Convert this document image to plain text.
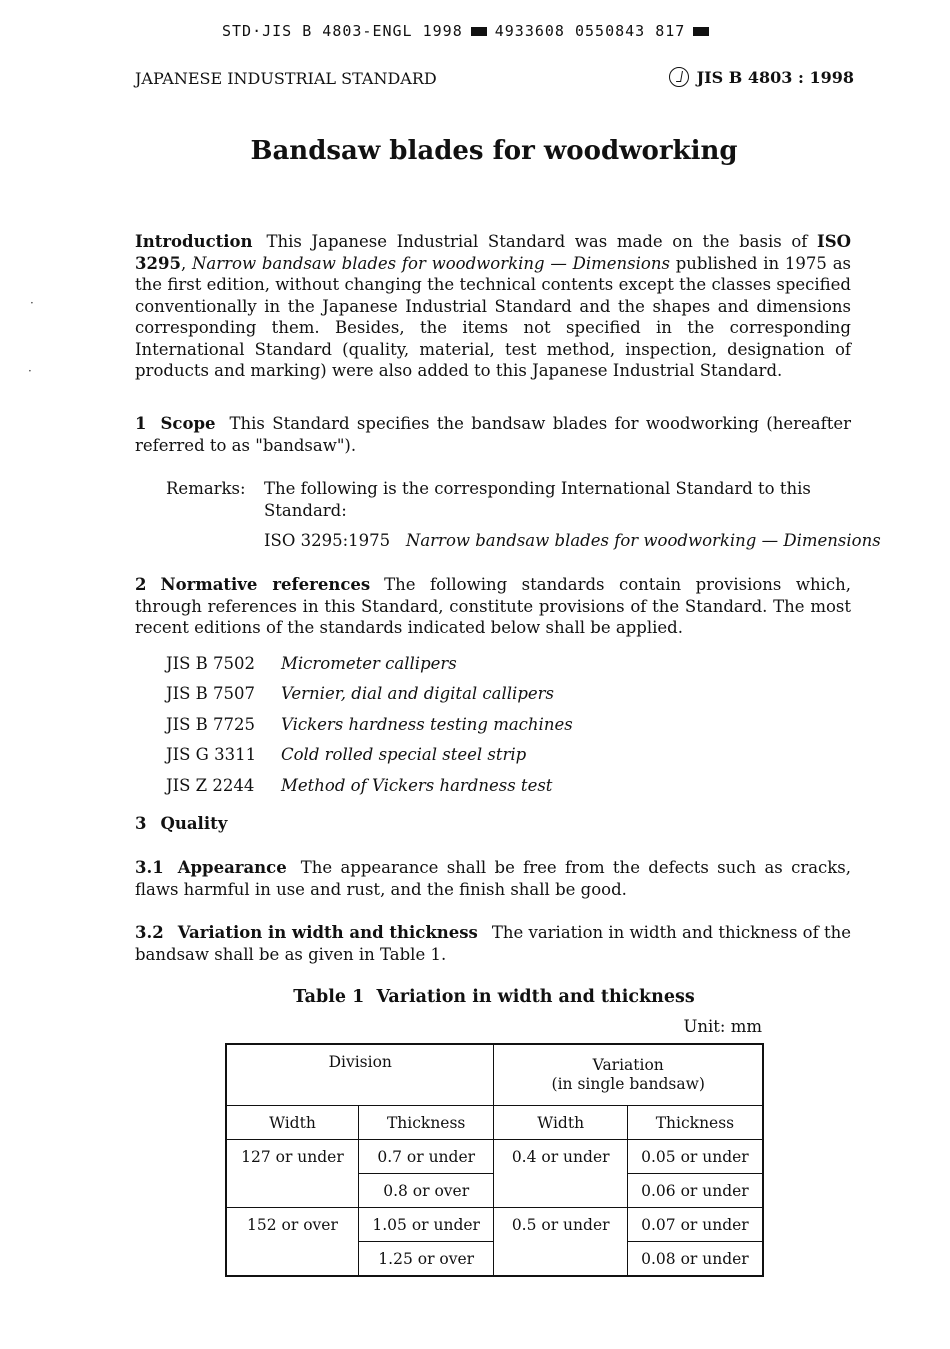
STD·JIS B 4803-ENGL 1998 4933608 0550843 817
JAPANESE INDUSTRIAL STANDARD	JIS B 4803 : 1998
Bandsaw blades for woodworking
Introduction This Japanese Industrial Standard was made on the basis of ISO 3295, Narrow bandsaw blades for woodworking — Dimensions published in 1975 as the first edition, without changing the technical contents except the classes specified conventionally in the Japanese Industrial Standard and the shapes and dimensions corresponding them. Besides, the items not specified in the corresponding International Standard (quality, material, test method, inspection, designation of products and marking) were also added to this Japanese Industrial Standard.
1 Scope This Standard specifies the bandsaw blades for woodworking (hereafter referred to as "bandsaw").
Remarks: The following is the corresponding International Standard to this Standard:
ISO 3295:1975 Narrow bandsaw blades for woodworking — Dimensions
2 Normative references The following standards contain provisions which, through references in this Standard, constitute provisions of the Standard. The most recent editions of the standards indicated below shall be applied.
JIS B 7502	Micrometer callipers
JIS B 7507	Vernier, dial and digital callipers
JIS B 7725	Vickers hardness testing machines
JIS G 3311	Cold rolled special steel strip
JIS Z 2244	Method of Vickers hardness test
3 Quality
3.1 Appearance The appearance shall be free from the defects such as cracks, flaws harmful in use and rust, and the finish shall be good.
3.2 Variation in width and thickness The variation in width and thickness of the bandsaw shall be as given in Table 1.
Table 1  Variation in width and thickness
Unit: mm
Division		Variation
(in single bandsaw)	

Width	Thickness	Width	Thickness
127 or under	0.7 or under	0.4 or under	0.05 or under
	0.8 or over		0.06 or under
152 or over	1.05 or under	0.5 or under	0.07 or under
	1.25 or over		0.08 or under
·
·
